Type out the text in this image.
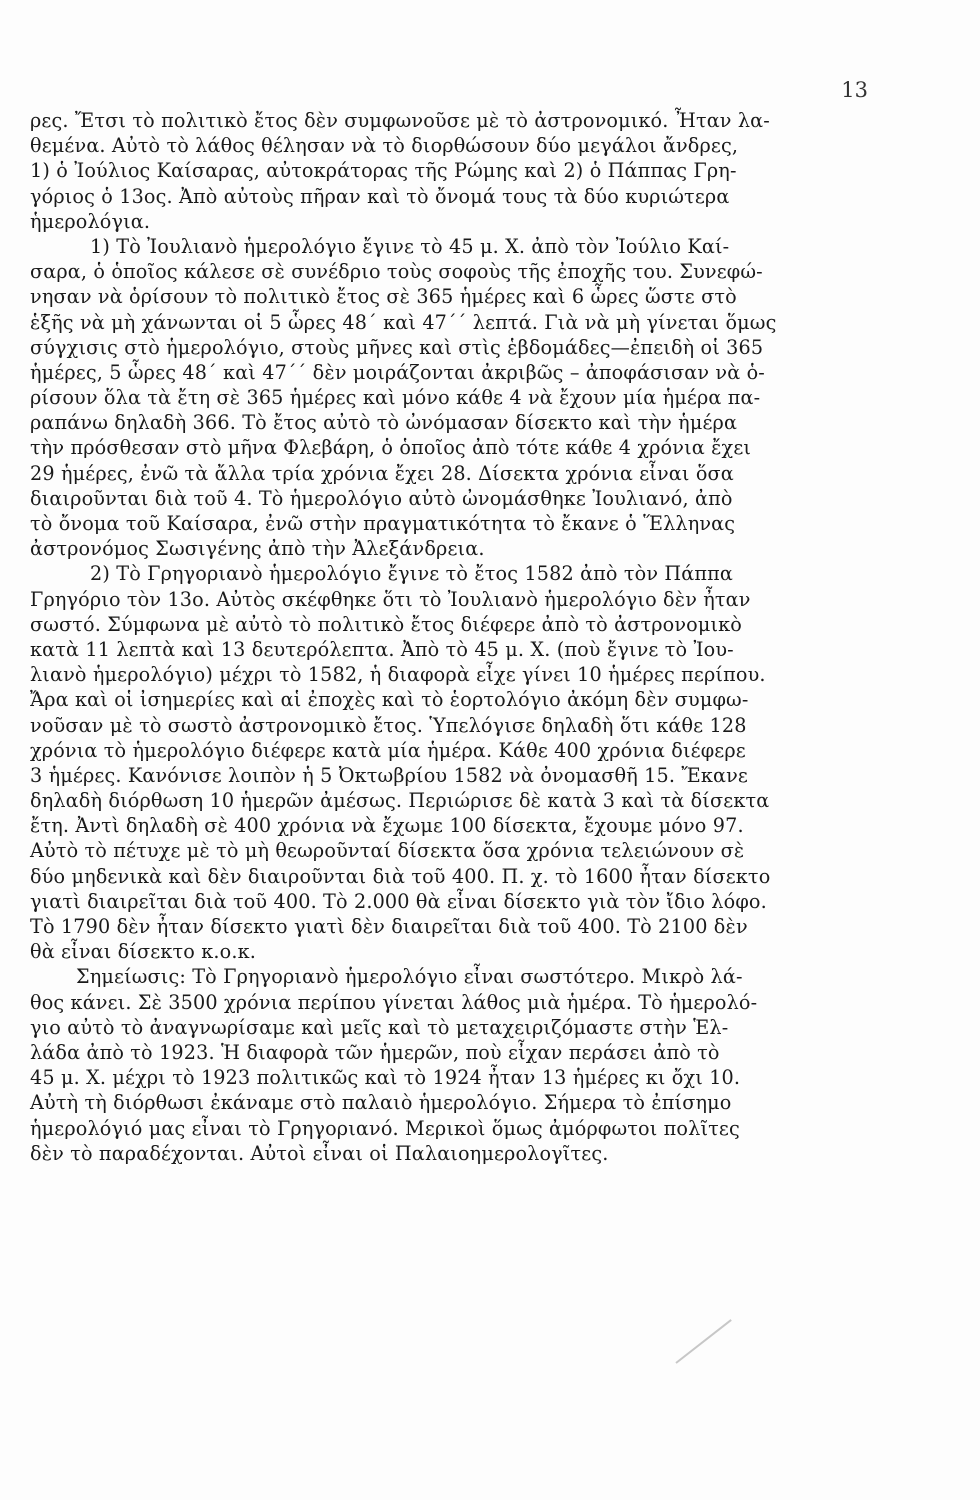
13
ρες. Ἔτσι τὸ πολιτικὸ ἔτος δὲν συμφωνοῦσε μὲ τὸ ἀστρονομικό. Ἦταν λα-
θεμένα. Αὐτὸ τὸ λάθος θέλησαν νὰ τὸ διορθώσουν δύο μεγάλοι ἄνδρες,
1) ὁ Ἰούλιος Καίσαρας, αὐτοκράτορας τῆς Ρώμης καὶ 2) ὁ Πάππας Γρη-
γόριος ὁ 13ος. Ἀπὸ αὐτοὺς πῆραν καὶ τὸ ὄνομά τους τὰ δύο κυριώτερα
ἡμερολόγια.
1) Τὸ Ἰουλιανὸ ἡμερολόγιο ἔγινε τὸ 45 μ. Χ. ἀπὸ τὸν Ἰούλιο Καί-
σαρα, ὁ ὁποῖος κάλεσε σὲ συνέδριο τοὺς σοφοὺς τῆς ἐποχῆς του. Συνεφώ-
νησαν νὰ ὁρίσουν τὸ πολιτικὸ ἔτος σὲ 365 ἡμέρες καὶ 6 ὧρες ὥστε στὸ
ἑξῆς νὰ μὴ χάνωνται οἱ 5 ὧρες 48΄ καὶ 47΄΄ λεπτά. Γιὰ νὰ μὴ γίνεται ὅμως
σύγχισις στὸ ἡμερολόγιο, στοὺς μῆνες καὶ στὶς ἑβδομάδες—ἐπειδὴ οἱ 365
ἡμέρες, 5 ὧρες 48΄ καὶ 47΄΄ δὲν μοιράζονται ἀκριβῶς – ἀποφάσισαν νὰ ὁ-
ρίσουν ὅλα τὰ ἔτη σὲ 365 ἡμέρες καὶ μόνο κάθε 4 νὰ ἔχουν μία ἡμέρα πα-
ραπάνω δηλαδὴ 366. Τὸ ἔτος αὐτὸ τὸ ὠνόμασαν δίσεκτο καὶ τὴν ἡμέρα
τὴν πρόσθεσαν στὸ μῆνα Φλεβάρη, ὁ ὁποῖος ἀπὸ τότε κάθε 4 χρόνια ἔχει
29 ἡμέρες, ἐνῶ τὰ ἄλλα τρία χρόνια ἔχει 28. Δίσεκτα χρόνια εἶναι ὅσα
διαιροῦνται διὰ τοῦ 4. Τὸ ἡμερολόγιο αὐτὸ ὠνομάσθηκε Ἰουλιανό, ἀπὸ
τὸ ὄνομα τοῦ Καίσαρα, ἐνῶ στὴν πραγματικότητα τὸ ἔκανε ὁ Ἕλληνας
ἀστρονόμος Σωσιγένης ἀπὸ τὴν Ἀλεξάνδρεια.
2) Τὸ Γρηγοριανὸ ἡμερολόγιο ἔγινε τὸ ἔτος 1582 ἀπὸ τὸν Πάππα
Γρηγόριο τὸν 13ο. Αὐτὸς σκέφθηκε ὅτι τὸ Ἰουλιανὸ ἡμερολόγιο δὲν ἦταν
σωστό. Σύμφωνα μὲ αὐτὸ τὸ πολιτικὸ ἔτος διέφερε ἀπὸ τὸ ἀστρονομικὸ
κατὰ 11 λεπτὰ καὶ 13 δευτερόλεπτα. Ἀπὸ τὸ 45 μ. Χ. (ποὺ ἔγινε τὸ Ἰου-
λιανὸ ἡμερολόγιο) μέχρι τὸ 1582, ἡ διαφορὰ εἶχε γίνει 10 ἡμέρες περίπου.
Ἄρα καὶ οἱ ἰσημερίες καὶ αἱ ἐποχὲς καὶ τὸ ἑορτολόγιο ἀκόμη δὲν συμφω-
νοῦσαν μὲ τὸ σωστὸ ἀστρονομικὸ ἔτος. Ὑπελόγισε δηλαδὴ ὅτι κάθε 128
χρόνια τὸ ἡμερολόγιο διέφερε κατὰ μία ἡμέρα. Κάθε 400 χρόνια διέφερε
3 ἡμέρες. Κανόνισε λοιπὸν ἡ 5 Ὀκτωβρίου 1582 νὰ ὀνομασθῆ 15. Ἔκανε
δηλαδὴ διόρθωση 10 ἡμερῶν ἀμέσως. Περιώρισε δὲ κατὰ 3 καὶ τὰ δίσεκτα
ἔτη. Ἀντὶ δηλαδὴ σὲ 400 χρόνια νὰ ἔχωμε 100 δίσεκτα, ἔχουμε μόνο 97.
Αὐτὸ τὸ πέτυχε μὲ τὸ μὴ θεωροῦνταί δίσεκτα ὅσα χρόνια τελειώνουν σὲ
δύο μηδενικὰ καὶ δὲν διαιροῦνται διὰ τοῦ 400. Π. χ. τὸ 1600 ἦταν δίσεκτο
γιατὶ διαιρεῖται διὰ τοῦ 400. Τὸ 2.000 θὰ εἶναι δίσεκτο γιὰ τὸν ἴδιο λόφο.
Τὸ 1790 δὲν ἦταν δίσεκτο γιατὶ δὲν διαιρεῖται διὰ τοῦ 400. Τὸ 2100 δὲν
θὰ εἶναι δίσεκτο κ.ο.κ.
Σημείωσις: Τὸ Γρηγοριανὸ ἡμερολόγιο εἶναι σωστότερο. Μικρὸ λά-
θος κάνει. Σὲ 3500 χρόνια περίπου γίνεται λάθος μιὰ ἡμέρα. Τὸ ἡμερολό-
γιο αὐτὸ τὸ ἀναγνωρίσαμε καὶ μεῖς καὶ τὸ μεταχειριζόμαστε στὴν Ἑλ-
λάδα ἀπὸ τὸ 1923. Ἡ διαφορὰ τῶν ἡμερῶν, ποὺ εἶχαν περάσει ἀπὸ τὸ
45 μ. Χ. μέχρι τὸ 1923 πολιτικῶς καὶ τὸ 1924 ἦταν 13 ἡμέρες κι ὄχι 10.
Αὐτὴ τὴ διόρθωσι ἐκάναμε στὸ παλαιὸ ἡμερολόγιο. Σήμερα τὸ ἐπίσημο
ἡμερολόγιό μας εἶναι τὸ Γρηγοριανό. Μερικοὶ ὅμως ἀμόρφωτοι πολῖτες
δὲν τὸ παραδέχονται. Αὐτοὶ εἶναι οἱ Παλαιοημερολογῖτες.
